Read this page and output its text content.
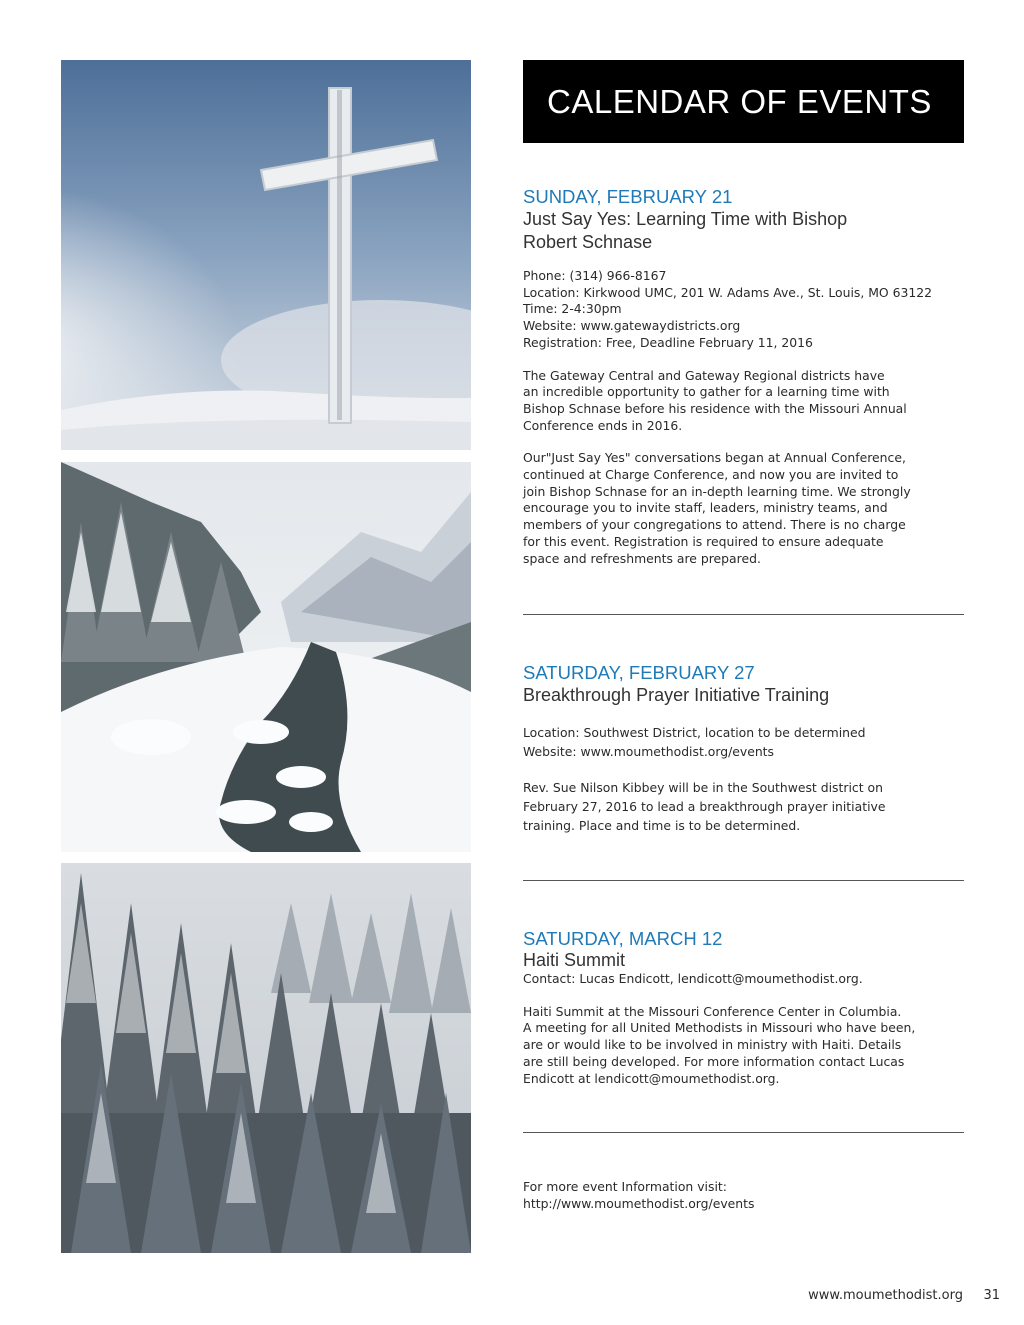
CALENDAR OF EVENTS

SUNDAY, FEBRUARY 21

Just Say Yes: Learning Time with Bishop

Robert Schnase

Phone: (314) 966-8167

Location: Kirkwood UMC, 201 W. Adams Ave., St. Louis, MO 63122

Time: 2-4:30pm

Website: www.gatewaydistricts.org

Registration: Free, Deadline February 11, 2016

The Gateway Central and Gateway Regional districts have

an incredible opportunity to gather for a learning time with

Bishop Schnase before his residence with the Missouri Annual

Conference ends in 2016.

Our"Just Say Yes" conversations began at Annual Conference,

continued at Charge Conference, and now you are invited to

join Bishop Schnase for an in-depth learning time. We strongly

encourage you to invite staff, leaders, ministry teams, and

members of your congregations to attend. There is no charge

for this event. Registration is required to ensure adequate

space and refreshments are prepared.

SATURDAY, FEBRUARY 27

Breakthrough Prayer Initiative Training

Location: Southwest District, location to be determined

Website: www.moumethodist.org/events

Rev. Sue Nilson Kibbey will be in the Southwest district on

February 27, 2016 to lead a breakthrough prayer initiative

training. Place and time is to be determined.

SATURDAY, MARCH 12

Haiti Summit

Contact: Lucas Endicott, lendicott@moumethodist.org.

Haiti Summit at the Missouri Conference Center in Columbia.

A meeting for all United Methodists in Missouri who have been,

are or would like to be involved in ministry with Haiti. Details

are still being developed. For more information contact Lucas

Endicott at lendicott@moumethodist.org.

For more event Information visit:

http://www.moumethodist.org/events

www.moumethodist.org 31
